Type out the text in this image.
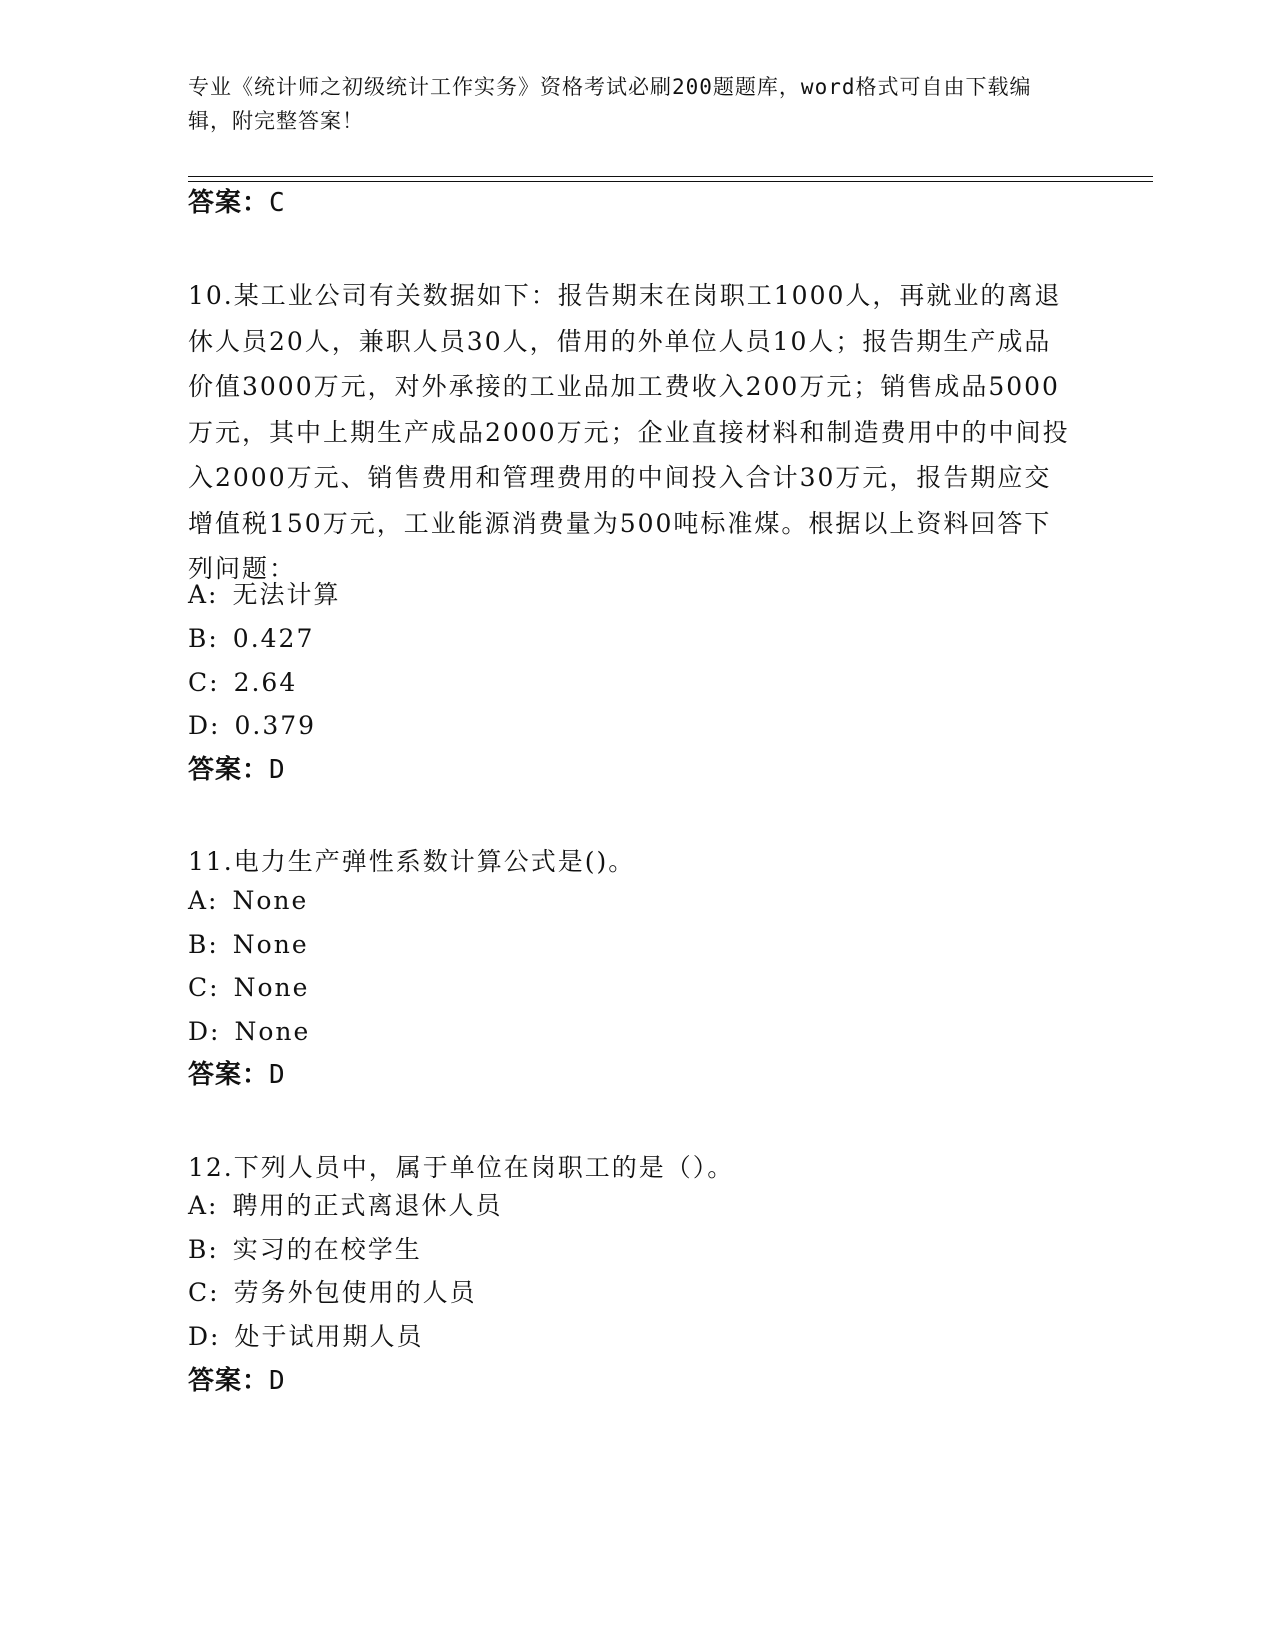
专业《统计师之初级统计工作实务》资格考试必刷200题题库，word格式可自由下载编辑，附完整答案！
答案：C
10.某工业公司有关数据如下：报告期末在岗职工1000人，再就业的离退休人员20人，兼职人员30人，借用的外单位人员10人；报告期生产成品价值3000万元，对外承接的工业品加工费收入200万元；销售成品5000万元，其中上期生产成品2000万元；企业直接材料和制造费用中的中间投入2000万元、销售费用和管理费用的中间投入合计30万元，报告期应交增值税150万元，工业能源消费量为500吨标准煤。根据以上资料回答下列问题：
A: 无法计算
B: 0.427
C: 2.64
D: 0.379
答案：D
11.电力生产弹性系数计算公式是()。
A: None
B: None
C: None
D: None
答案：D
12.下列人员中，属于单位在岗职工的是（）。
A: 聘用的正式离退休人员
B: 实习的在校学生
C: 劳务外包使用的人员
D: 处于试用期人员
答案：D
